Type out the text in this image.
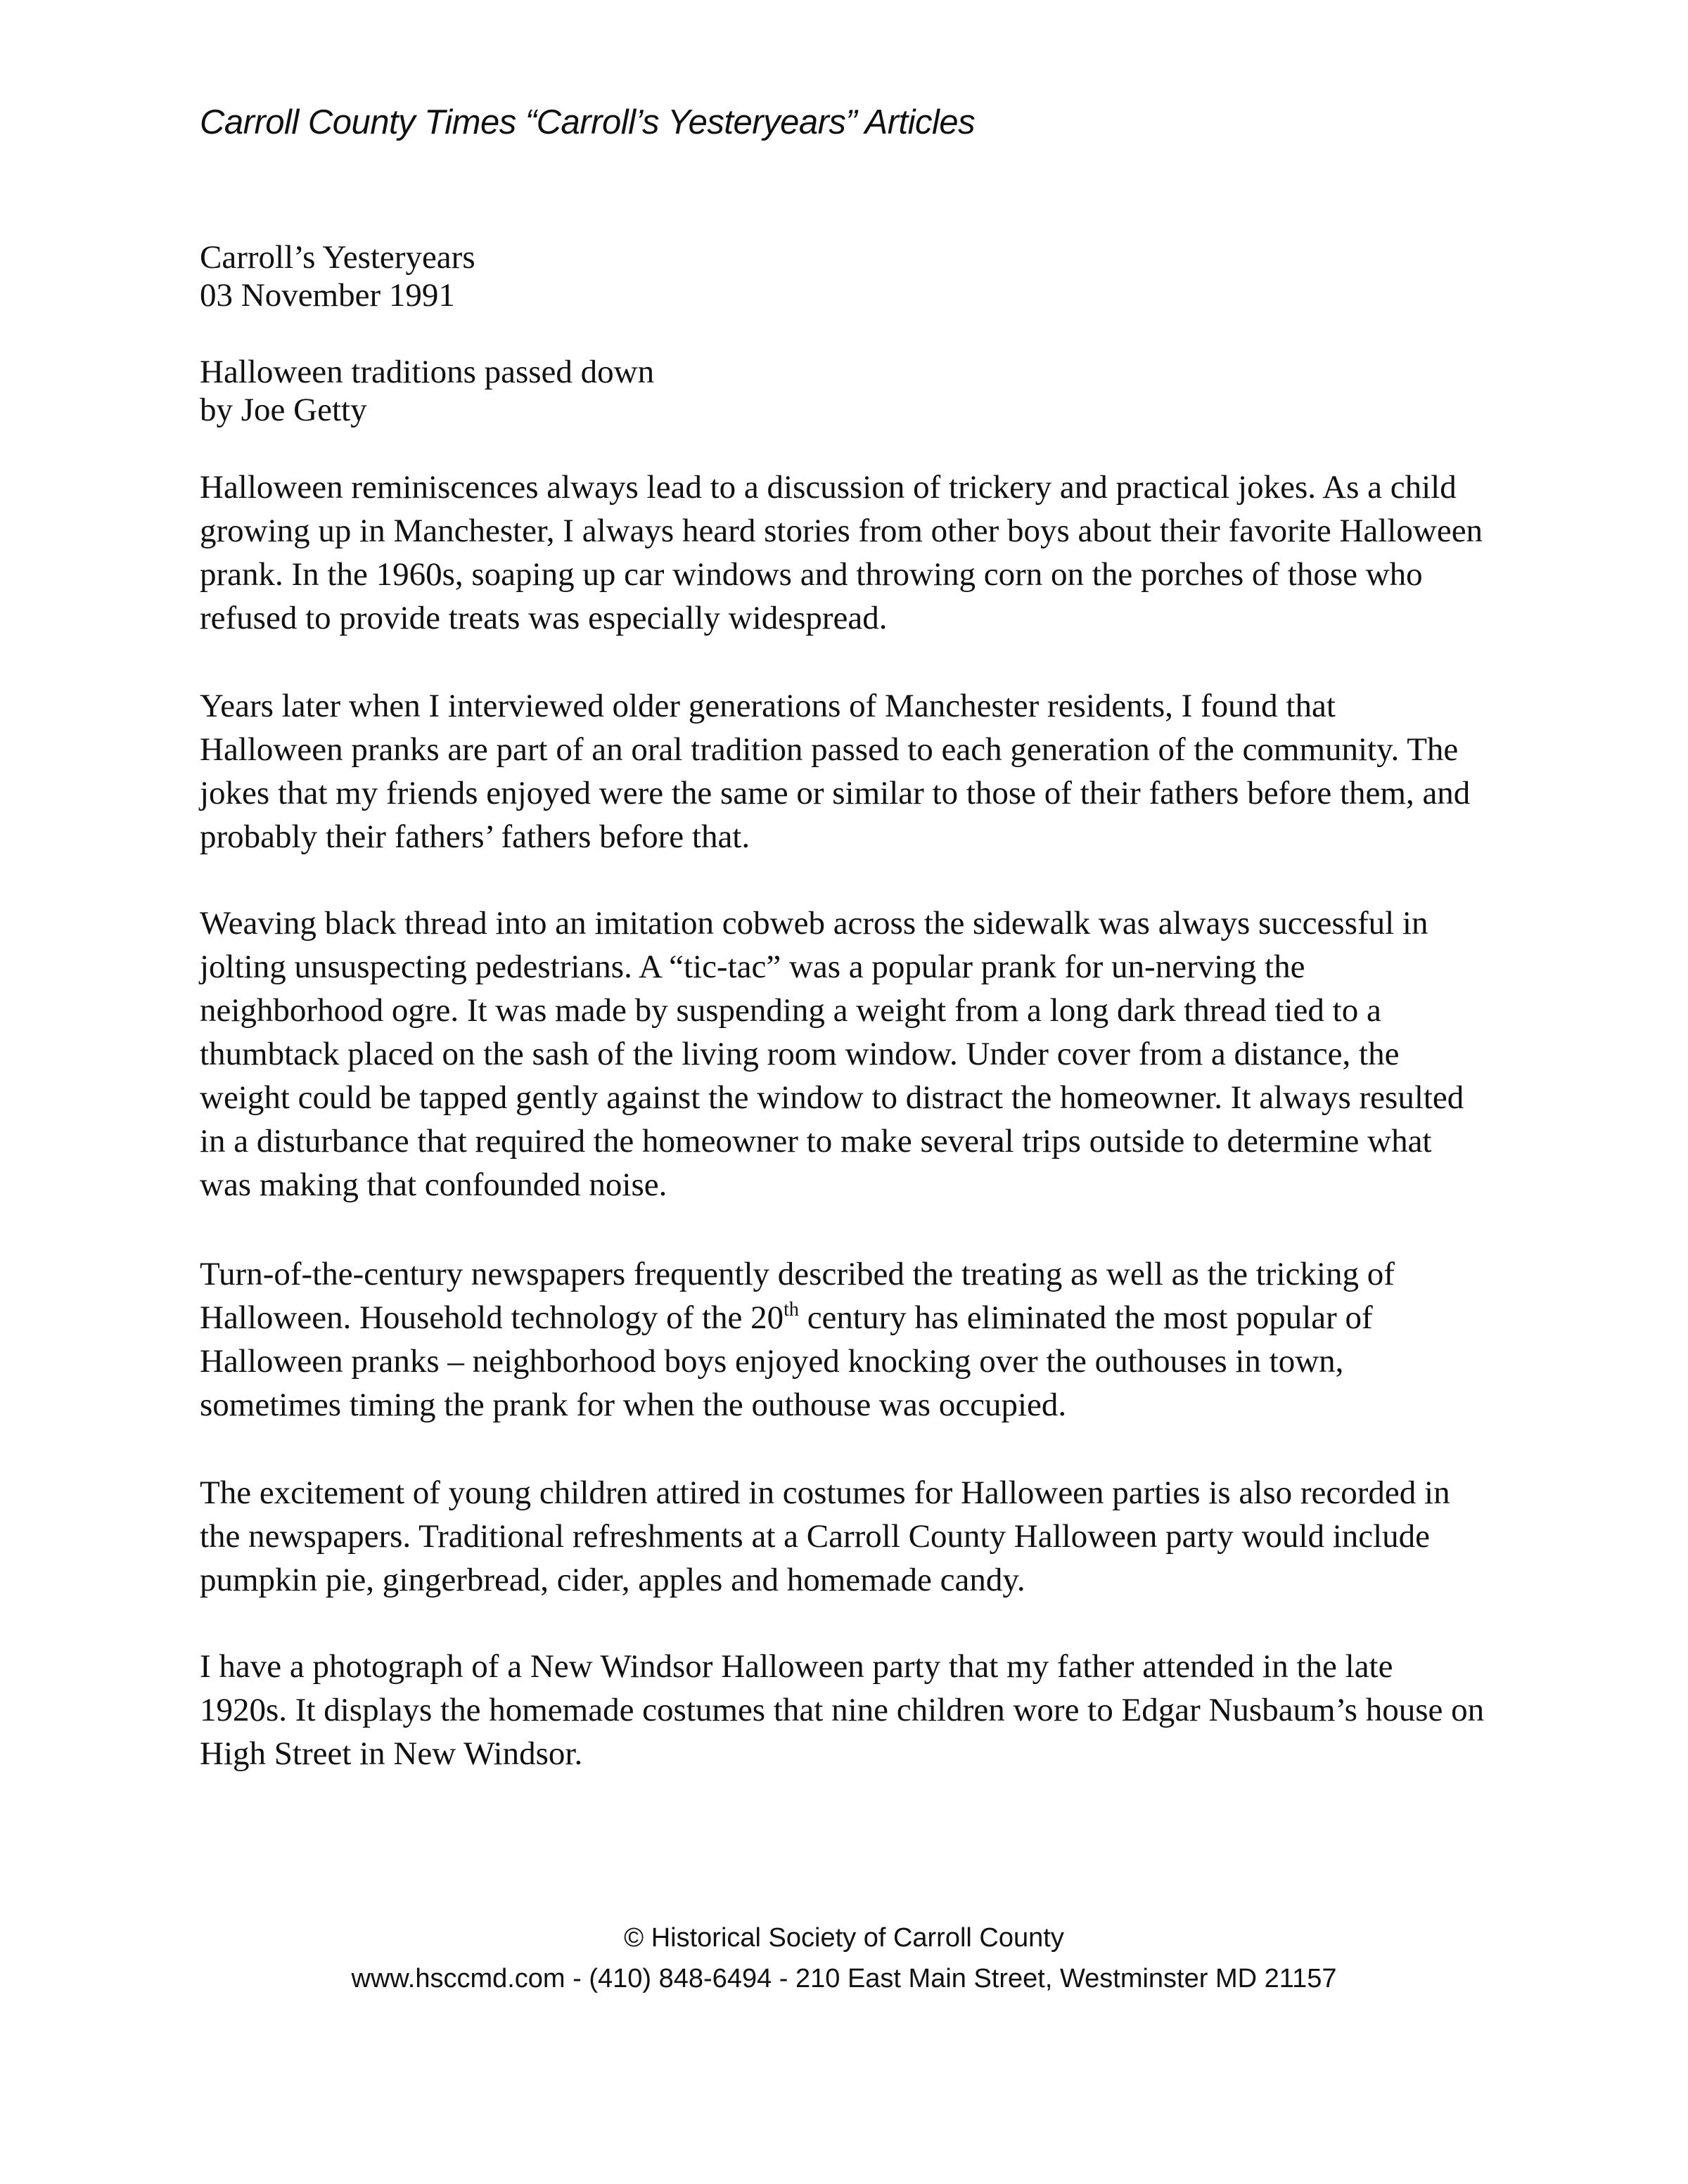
Carroll County Times “Carroll’s Yesteryears” Articles
Carroll’s Yesteryears
03 November 1991
Halloween traditions passed down
by Joe Getty
Halloween reminiscences always lead to a discussion of trickery and practical jokes. As a child
growing up in Manchester, I always heard stories from other boys about their favorite Halloween
prank. In the 1960s, soaping up car windows and throwing corn on the porches of those who
refused to provide treats was especially widespread.
Years later when I interviewed older generations of Manchester residents, I found that
Halloween pranks are part of an oral tradition passed to each generation of the community. The
jokes that my friends enjoyed were the same or similar to those of their fathers before them, and
probably their fathers’ fathers before that.
Weaving black thread into an imitation cobweb across the sidewalk was always successful in
jolting unsuspecting pedestrians. A “tic-tac” was a popular prank for un-nerving the
neighborhood ogre. It was made by suspending a weight from a long dark thread tied to a
thumbtack placed on the sash of the living room window. Under cover from a distance, the
weight could be tapped gently against the window to distract the homeowner. It always resulted
in a disturbance that required the homeowner to make several trips outside to determine what
was making that confounded noise.
Turn-of-the-century newspapers frequently described the treating as well as the tricking of
Halloween. Household technology of the 20th century has eliminated the most popular of
Halloween pranks – neighborhood boys enjoyed knocking over the outhouses in town,
sometimes timing the prank for when the outhouse was occupied.
The excitement of young children attired in costumes for Halloween parties is also recorded in
the newspapers. Traditional refreshments at a Carroll County Halloween party would include
pumpkin pie, gingerbread, cider, apples and homemade candy.
I have a photograph of a New Windsor Halloween party that my father attended in the late
1920s. It displays the homemade costumes that nine children wore to Edgar Nusbaum’s house on
High Street in New Windsor.
© Historical Society of Carroll County
www.hsccmd.com - (410) 848-6494 - 210 East Main Street, Westminster MD 21157
